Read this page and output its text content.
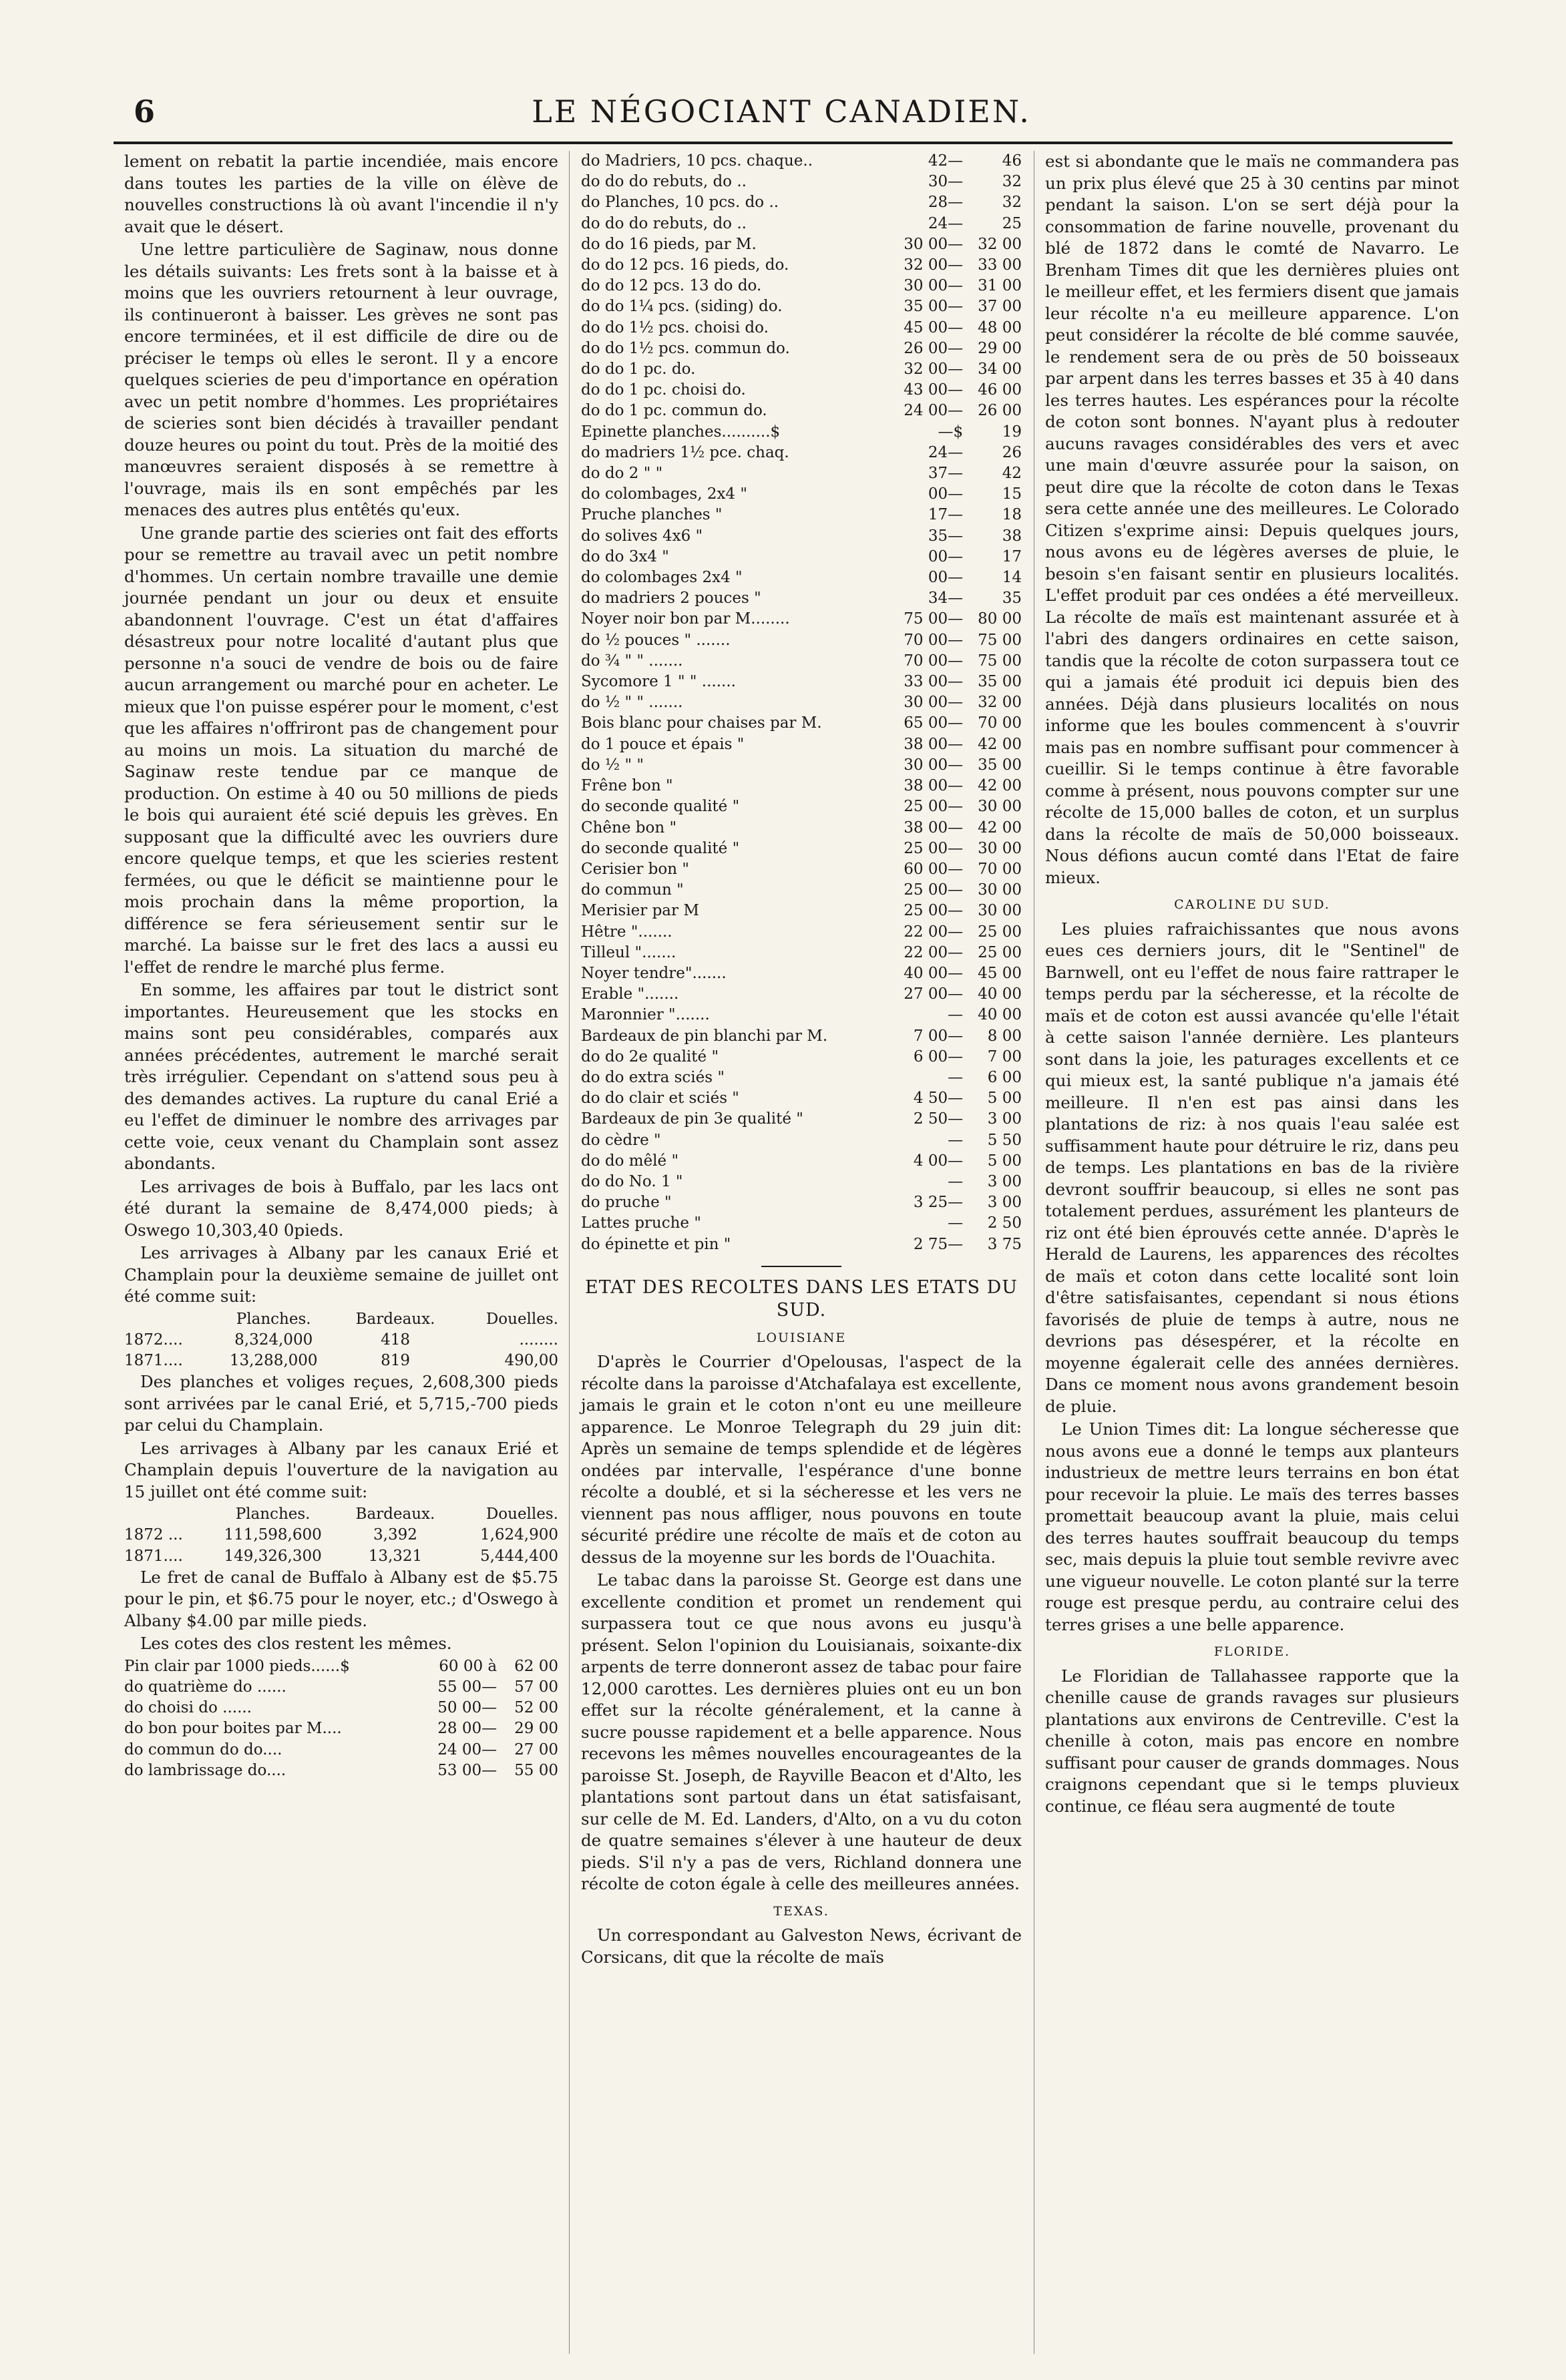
6	LE NÉGOCIANT CANADIEN.

lement on rebatit la partie incendiée, mais encore dans toutes les parties de la ville on élève de nouvelles constructions là où avant l'incendie il n'y avait que le désert.

Une lettre particulière de Saginaw, nous donne les détails suivants: Les frets sont à la baisse et à moins que les ouvriers retournent à leur ouvrage, ils continueront à baisser. Les grèves ne sont pas encore terminées, et il est difficile de dire ou de préciser le temps où elles le seront. Il y a encore quelques scieries de peu d'importance en opération avec un petit nombre d'hommes. Les propriétaires de scieries sont bien décidés à travailler pendant douze heures ou point du tout. Près de la moitié des manœuvres seraient disposés à se remettre à l'ouvrage, mais ils en sont empêchés par les menaces des autres plus entêtés qu'eux.

Une grande partie des scieries ont fait des efforts pour se remettre au travail avec un petit nombre d'hommes. Un certain nombre travaille une demie journée pendant un jour ou deux et ensuite abandonnent l'ouvrage. C'est un état d'affaires désastreux pour notre localité d'autant plus que personne n'a souci de vendre de bois ou de faire aucun arrangement ou marché pour en acheter. Le mieux que l'on puisse espérer pour le moment, c'est que les affaires n'offriront pas de changement pour au moins un mois. La situation du marché de Saginaw reste tendue par ce manque de production. On estime à 40 ou 50 millions de pieds le bois qui auraient été scié depuis les grèves. En supposant que la difficulté avec les ouvriers dure encore quelque temps, et que les scieries restent fermées, ou que le déficit se maintienne pour le mois prochain dans la même proportion, la différence se fera sérieusement sentir sur le marché. La baisse sur le fret des lacs a aussi eu l'effet de rendre le marché plus ferme.

En somme, les affaires par tout le district sont importantes. Heureusement que les stocks en mains sont peu considérables, comparés aux années précédentes, autrement le marché serait très irrégulier. Cependant on s'attend sous peu à des demandes actives. La rupture du canal Erié a eu l'effet de diminuer le nombre des arrivages par cette voie, ceux venant du Champlain sont assez abondants.

Les arrivages de bois à Buffalo, par les lacs ont été durant la semaine de 8,474,000 pieds; à Oswego 10,303,40 0pieds.

Les arrivages à Albany par les canaux Erié et Champlain pour la deuxième semaine de juillet ont été comme suit:

	Planches.	Bardeaux.	Douelles.
1872....	8,324,000	418	........
1871....	13,288,000	819	490,00

Des planches et voliges reçues, 2,608,300 pieds sont arrivées par le canal Erié, et 5,715,-700 pieds par celui du Champlain.

Les arrivages à Albany par les canaux Erié et Champlain depuis l'ouverture de la navigation au 15 juillet ont été comme suit:

	Planches.	Bardeaux.	Douelles.
1872 ...	111,598,600	3,392	1,624,900
1871....	149,326,300	13,321	5,444,400

Le fret de canal de Buffalo à Albany est de $5.75 pour le pin, et $6.75 pour le noyer, etc.; d'Oswego à Albany $4.00 par mille pieds.

Les cotes des clos restent les mêmes.

Pin clair par 1000 pieds......$	60 00 à	62 00
do quatrième do ......	55 00—	57 00
do choisi do ......	50 00—	52 00
do bon pour boites par M....	28 00—	29 00
do commun do do....	24 00—	27 00
do lambrissage do....	53 00—	55 00
do Madriers, 10 pcs. chaque..	42—	46
do do do rebuts, do ..	30—	32
do Planches, 10 pcs. do ..	28—	32
do do do rebuts, do ..	24—	25
do do 16 pieds, par M.	30 00—	32 00
do do 12 pcs. 16 pieds, do.	32 00—	33 00
do do 12 pcs. 13 do do.	30 00—	31 00
do do 1¼ pcs. (siding) do.	35 00—	37 00
do do 1½ pcs. choisi do.	45 00—	48 00
do do 1½ pcs. commun do.	26 00—	29 00
do do 1 pc. do.	32 00—	34 00
do do 1 pc. choisi do.	43 00—	46 00
do do 1 pc. commun do.	24 00—	26 00
Epinette planches..........$	—$	19
do madriers 1½ pce. chaq.	24—	26
do do 2 " "	37—	42
do colombages, 2x4 "	00—	15
Pruche planches "	17—	18
do solives 4x6 "	35—	38
do do 3x4 "	00—	17
do colombages 2x4 "	00—	14
do madriers 2 pouces "	34—	35
Noyer noir bon par M........	75 00—	80 00
do ½ pouces " .......	70 00—	75 00
do ¾ " " .......	70 00—	75 00
Sycomore 1 " " .......	33 00—	35 00
do ½ " " .......	30 00—	32 00
Bois blanc pour chaises par M.	65 00—	70 00
do 1 pouce et épais "	38 00—	42 00
do ½ " "	30 00—	35 00
Frêne bon "	38 00—	42 00
do seconde qualité "	25 00—	30 00
Chêne bon "	38 00—	42 00
do seconde qualité "	25 00—	30 00
Cerisier bon "	60 00—	70 00
do commun "	25 00—	30 00
Merisier par M	25 00—	30 00
Hêtre ".......	22 00—	25 00
Tilleul ".......	22 00—	25 00
Noyer tendre".......	40 00—	45 00
Erable ".......	27 00—	40 00
Maronnier ".......	—	40 00
Bardeaux de pin blanchi par M.	7 00—	8 00
do do 2e qualité "	6 00—	7 00
do do extra sciés "	—	6 00
do do clair et sciés "	4 50—	5 00
Bardeaux de pin 3e qualité "	2 50—	3 00
do cèdre "	—	5 50
do do mêlé "	4 00—	5 00
do do No. 1 "	—	3 00
do pruche "	3 25—	3 00
Lattes pruche "	—	2 50
do épinette et pin "	2 75—	3 75
ETAT DES RECOLTES DANS LES ETATS DU SUD.
LOUISIANE

D'après le Courrier d'Opelousas, l'aspect de la récolte dans la paroisse d'Atchafalaya est excellente, jamais le grain et le coton n'ont eu une meilleure apparence. Le Monroe Telegraph du 29 juin dit: Après un semaine de temps splendide et de légères ondées par intervalle, l'espérance d'une bonne récolte a doublé, et si la sécheresse et les vers ne viennent pas nous affliger, nous pouvons en toute sécurité prédire une récolte de maïs et de coton au dessus de la moyenne sur les bords de l'Ouachita.

Le tabac dans la paroisse St. George est dans une excellente condition et promet un rendement qui surpassera tout ce que nous avons eu jusqu'à présent. Selon l'opinion du Louisianais, soixante-dix arpents de terre donneront assez de tabac pour faire 12,000 carottes. Les dernières pluies ont eu un bon effet sur la récolte généralement, et la canne à sucre pousse rapidement et a belle apparence. Nous recevons les mêmes nouvelles encourageantes de la paroisse St. Joseph, de Rayville Beacon et d'Alto, les plantations sont partout dans un état satisfaisant, sur celle de M. Ed. Landers, d'Alto, on a vu du coton de quatre semaines s'élever à une hauteur de deux pieds. S'il n'y a pas de vers, Richland donnera une récolte de coton égale à celle des meilleures années.

TEXAS.

Un correspondant au Galveston News, écrivant de Corsicans, dit que la récolte de maïs

est si abondante que le maïs ne commandera pas un prix plus élevé que 25 à 30 centins par minot pendant la saison. L'on se sert déjà pour la consommation de farine nouvelle, provenant du blé de 1872 dans le comté de Navarro. Le Brenham Times dit que les dernières pluies ont le meilleur effet, et les fermiers disent que jamais leur récolte n'a eu meilleure apparence. L'on peut considérer la récolte de blé comme sauvée, le rendement sera de ou près de 50 boisseaux par arpent dans les terres basses et 35 à 40 dans les terres hautes. Les espérances pour la récolte de coton sont bonnes. N'ayant plus à redouter aucuns ravages considérables des vers et avec une main d'œuvre assurée pour la saison, on peut dire que la récolte de coton dans le Texas sera cette année une des meilleures. Le Colorado Citizen s'exprime ainsi: Depuis quelques jours, nous avons eu de légères averses de pluie, le besoin s'en faisant sentir en plusieurs localités. L'effet produit par ces ondées a été merveilleux. La récolte de maïs est maintenant assurée et à l'abri des dangers ordinaires en cette saison, tandis que la récolte de coton surpassera tout ce qui a jamais été produit ici depuis bien des années. Déjà dans plusieurs localités on nous informe que les boules commencent à s'ouvrir mais pas en nombre suffisant pour commencer à cueillir. Si le temps continue à être favorable comme à présent, nous pouvons compter sur une récolte de 15,000 balles de coton, et un surplus dans la récolte de maïs de 50,000 boisseaux. Nous défions aucun comté dans l'Etat de faire mieux.

CAROLINE DU SUD.

Les pluies rafraichissantes que nous avons eues ces derniers jours, dit le "Sentinel" de Barnwell, ont eu l'effet de nous faire rattraper le temps perdu par la sécheresse, et la récolte de maïs et de coton est aussi avancée qu'elle l'était à cette saison l'année dernière. Les planteurs sont dans la joie, les paturages excellents et ce qui mieux est, la santé publique n'a jamais été meilleure. Il n'en est pas ainsi dans les plantations de riz: à nos quais l'eau salée est suffisamment haute pour détruire le riz, dans peu de temps. Les plantations en bas de la rivière devront souffrir beaucoup, si elles ne sont pas totalement perdues, assurément les planteurs de riz ont été bien éprouvés cette année. D'après le Herald de Laurens, les apparences des récoltes de maïs et coton dans cette localité sont loin d'être satisfaisantes, cependant si nous étions favorisés de pluie de temps à autre, nous ne devrions pas désespérer, et la récolte en moyenne égalerait celle des années dernières. Dans ce moment nous avons grandement besoin de pluie.

Le Union Times dit: La longue sécheresse que nous avons eue a donné le temps aux planteurs industrieux de mettre leurs terrains en bon état pour recevoir la pluie. Le maïs des terres basses promettait beaucoup avant la pluie, mais celui des terres hautes souffrait beaucoup du temps sec, mais depuis la pluie tout semble revivre avec une vigueur nouvelle. Le coton planté sur la terre rouge est presque perdu, au contraire celui des terres grises a une belle apparence.

FLORIDE.

Le Floridian de Tallahassee rapporte que la chenille cause de grands ravages sur plusieurs plantations aux environs de Centreville. C'est la chenille à coton, mais pas encore en nombre suffisant pour causer de grands dommages. Nous craignons cependant que si le temps pluvieux continue, ce fléau sera augmenté de toute
